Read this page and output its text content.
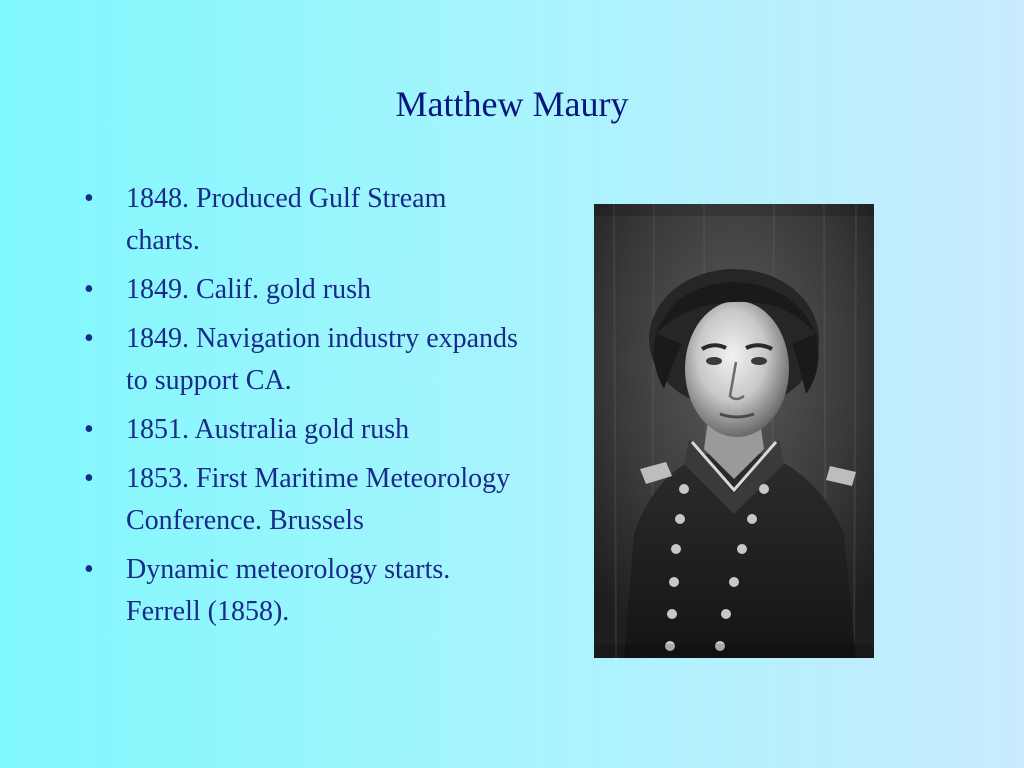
Matthew Maury
•	1848. Produced Gulf Stream charts.
•	1849. Calif. gold rush
•	1849. Navigation industry expands to support CA.
•	1851. Australia gold rush
•	1853. First Maritime Meteorology Conference. Brussels
•	Dynamic meteorology starts. Ferrell (1858).
